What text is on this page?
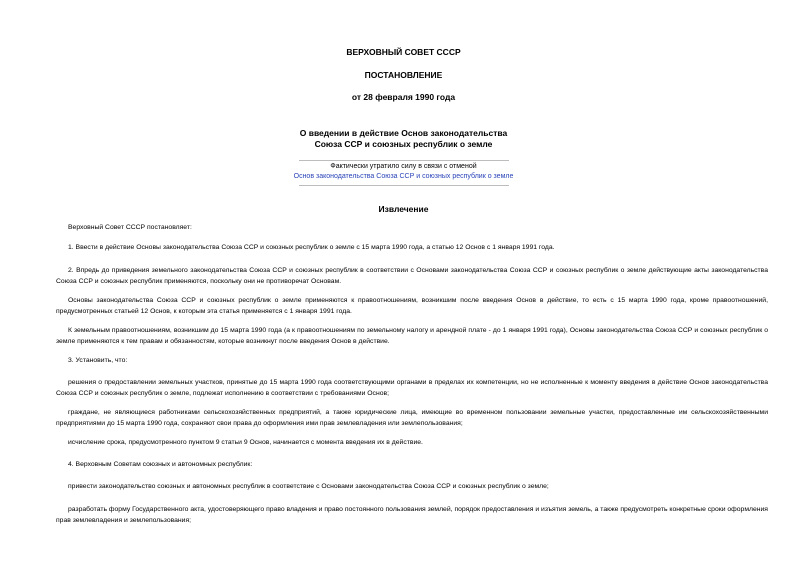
ВЕРХОВНЫЙ СОВЕТ СССР
ПОСТАНОВЛЕНИЕ
от 28 февраля 1990 года
О введении в действие Основ законодательства
Союза ССР и союзных республик о земле
Фактически утратило силу в связи с отменой
Основ законодательства Союза ССР и союзных республик о земле
Извлечение
Верховный Совет СССР постановляет:
1. Ввести в действие Основы законодательства Союза ССР и союзных республик о земле с 15 марта 1990 года, а статью 12 Основ с 1 января 1991 года.
2. Впредь до приведения земельного законодательства Союза ССР и союзных республик в соответствии с Основами законодательства Союза ССР и союзных республик о земле действующие акты законодательства Союза ССР и союзных республик применяются, поскольку они не противоречат Основам.
Основы законодательства Союза ССР и союзных республик о земле применяются к правоотношениям, возникшим после введения Основ в действие, то есть с 15 марта 1990 года, кроме правоотношений, предусмотренных статьей 12 Основ, к которым эта статья применяется с 1 января 1991 года.
К земельным правоотношениям, возникшим до 15 марта 1990 года (а к правоотношениям по земельному налогу и арендной плате - до 1 января 1991 года), Основы законодательства Союза ССР и союзных республик о земле применяются к тем правам и обязанностям, которые возникнут после введения Основ в действие.
3. Установить, что:
решения о предоставлении земельных участков, принятые до 15 марта 1990 года соответствующими органами в пределах их компетенции, но не исполненные к моменту введения в действие Основ законодательства Союза ССР и союзных республик о земле, подлежат исполнению в соответствии с требованиями Основ;
граждане, не являющиеся работниками сельскохозяйственных предприятий, а также юридические лица, имеющие во временном пользовании земельные участки, предоставленные им сельскохозяйственными предприятиями до 15 марта 1990 года, сохраняют свои права до оформления ими прав землевладения или землепользования;
исчисление срока, предусмотренного пунктом 9 статьи 9 Основ, начинается с момента введения их в действие.
4. Верховным Советам союзных и автономных республик:
привести законодательство союзных и автономных республик в соответствие с Основами законодательства Союза ССР и союзных республик о земле;
разработать форму Государственного акта, удостоверяющего право владения и право постоянного пользования землей, порядок предоставления и изъятия земель, а также предусмотреть конкретные сроки оформления прав землевладения и землепользования;
